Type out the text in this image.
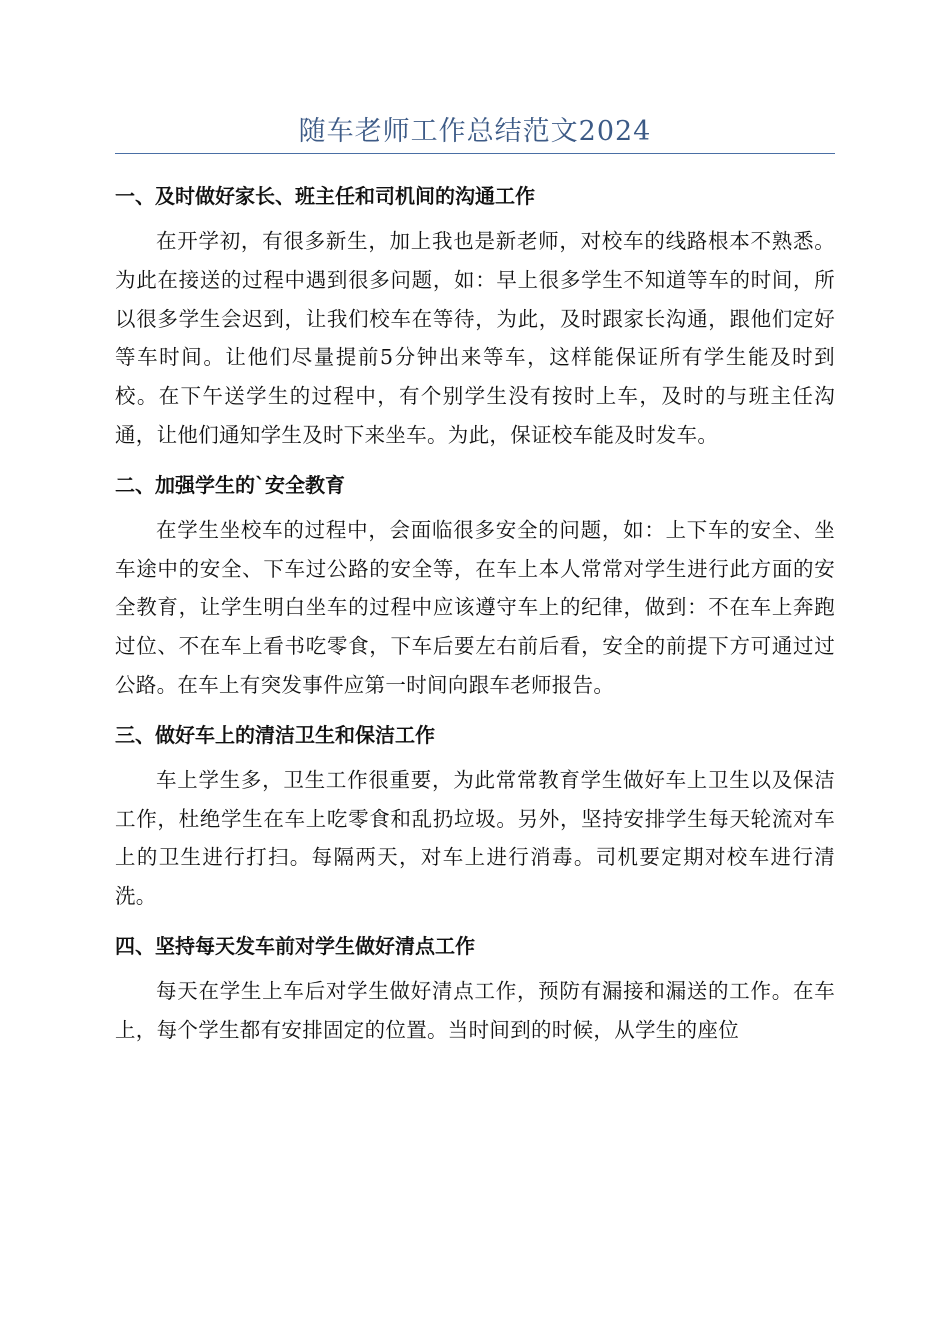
随车老师工作总结范文2024
一、及时做好家长、班主任和司机间的沟通工作

在开学初，有很多新生，加上我也是新老师，对校车的线路根本不熟悉。为此在接送的过程中遇到很多问题，如：早上很多学生不知道等车的时间，所以很多学生会迟到，让我们校车在等待，为此，及时跟家长沟通，跟他们定好等车时间。让他们尽量提前5分钟出来等车，这样能保证所有学生能及时到校。在下午送学生的过程中，有个别学生没有按时上车，及时的与班主任沟通，让他们通知学生及时下来坐车。为此，保证校车能及时发车。

二、加强学生的`安全教育

在学生坐校车的过程中，会面临很多安全的问题，如：上下车的安全、坐车途中的安全、下车过公路的安全等，在车上本人常常对学生进行此方面的安全教育，让学生明白坐车的过程中应该遵守车上的纪律，做到：不在车上奔跑过位、不在车上看书吃零食，下车后要左右前后看，安全的前提下方可通过过公路。在车上有突发事件应第一时间向跟车老师报告。

三、做好车上的清洁卫生和保洁工作

车上学生多，卫生工作很重要，为此常常教育学生做好车上卫生以及保洁工作，杜绝学生在车上吃零食和乱扔垃圾。另外，坚持安排学生每天轮流对车上的卫生进行打扫。每隔两天，对车上进行消毒。司机要定期对校车进行清洗。

四、坚持每天发车前对学生做好清点工作

每天在学生上车后对学生做好清点工作，预防有漏接和漏送的工作。在车上，每个学生都有安排固定的位置。当时间到的时候，从学生的座位
